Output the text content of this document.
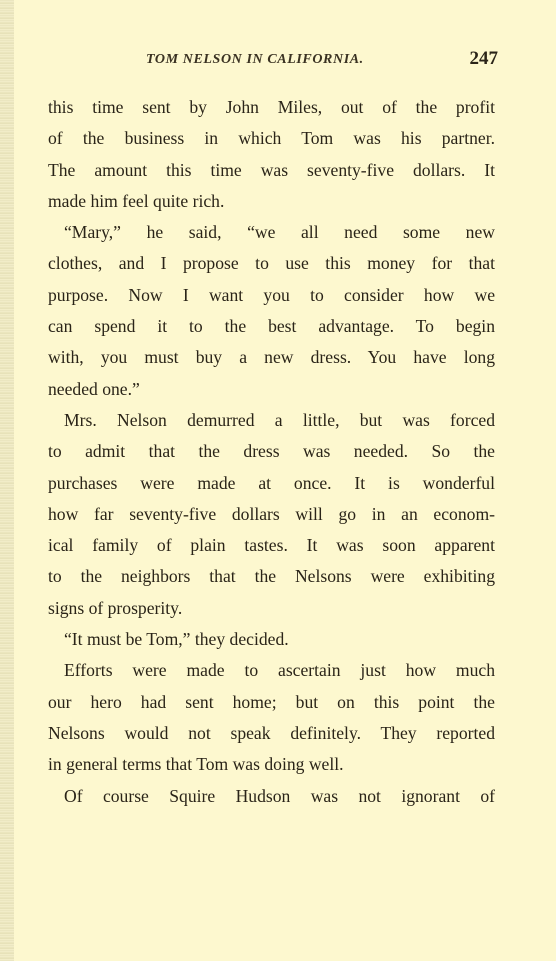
TOM NELSON IN CALIFORNIA.	247

this time sent by John Miles, out of the profit
of the business in which Tom was his partner.
The amount this time was seventy-five dollars. It
made him feel quite rich.

“Mary,” he said, “we all need some new
clothes, and I propose to use this money for that
purpose. Now I want you to consider how we
can spend it to the best advantage. To begin
with, you must buy a new dress. You have long
needed one.”

Mrs. Nelson demurred a little, but was forced
to admit that the dress was needed. So the
purchases were made at once. It is wonderful
how far seventy-five dollars will go in an econom-
ical family of plain tastes. It was soon apparent
to the neighbors that the Nelsons were exhibiting
signs of prosperity.

“It must be Tom,” they decided.

Efforts were made to ascertain just how much
our hero had sent home; but on this point the
Nelsons would not speak definitely. They reported
in general terms that Tom was doing well.

Of course Squire Hudson was not ignorant of
